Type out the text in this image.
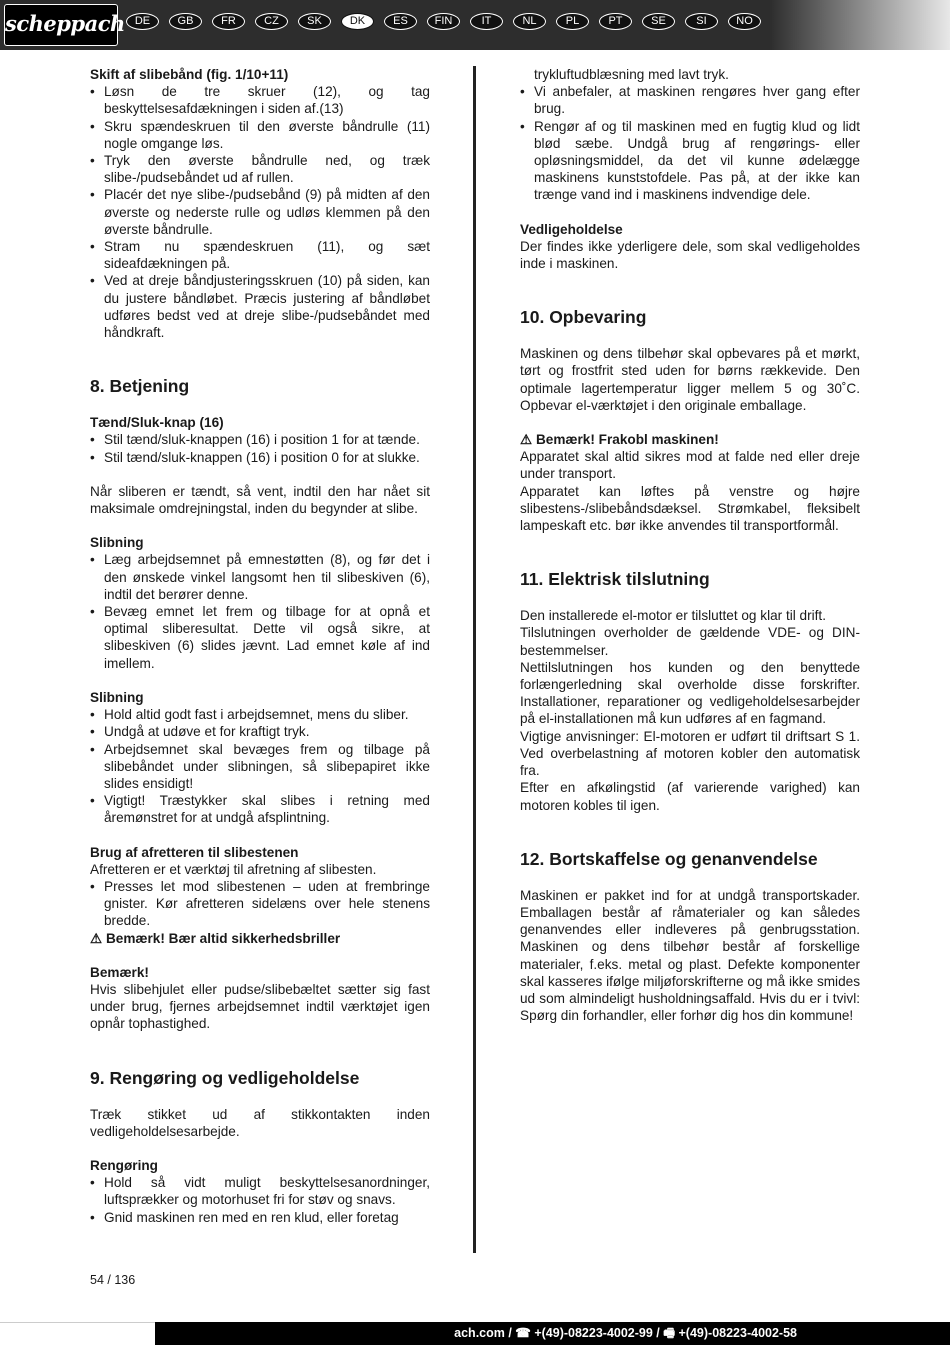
scheppach DE	GB	FR	CZ	SK	DK	ES	FIN	IT	NL	PL	PT	SE	SI	NO

Skift af slibebånd (fig. 1/10+11)

• Løsn de tre skruer (12), og tag beskyttelsesafdækningen i siden af.(13)
• Skru spændeskruen til den øverste båndrulle (11) nogle omgange løs.
• Tryk den øverste båndrulle ned, og træk slibe-/pudsebåndet ud af rullen.
• Placér det nye slibe-/pudsebånd (9) på midten af den øverste og nederste rulle og udløs klemmen på den øverste båndrulle.
• Stram nu spændeskruen (11), og sæt sideafdækningen på.
• Ved at dreje båndjusteringsskruen (10) på siden, kan du justere båndløbet. Præcis justering af båndløbet udføres bedst ved at dreje slibe-/pudsebåndet med håndkraft.
8. Betjening

Tænd/Sluk-knap (16)

• Stil tænd/sluk-knappen (16) i position 1 for at tænde.
• Stil tænd/sluk-knappen (16) i position 0 for at slukke.

Når sliberen er tændt, så vent, indtil den har nået sit maksimale omdrejningstal, inden du begynder at slibe.

Slibning

• Læg arbejdsemnet på emnestøtten (8), og før det i den ønskede vinkel langsomt hen til slibeskiven (6), indtil det berører denne.
• Bevæg emnet let frem og tilbage for at opnå et optimal sliberesultat. Dette vil også sikre, at slibeskiven (6) slides jævnt. Lad emnet køle af ind imellem.

Slibning

• Hold altid godt fast i arbejdsemnet, mens du sliber.
• Undgå at udøve et for kraftigt tryk.
• Arbejdsemnet skal bevæges frem og tilbage på slibebåndet under slibningen, så slibepapiret ikke slides ensidigt!
• Vigtigt! Træstykker skal slibes i retning med åremønstret for at undgå afsplintning.

Brug af afretteren til slibestenen

Afretteren er et værktøj til afretning af slibesten.

• Presses let mod slibestenen – uden at frembringe gnister. Kør afretteren sidelæns over hele stenens bredde.

⚠ Bemærk! Bær altid sikkerhedsbriller

Bemærk!

Hvis slibehjulet eller pudse/slibebæltet sætter sig fast under brug, fjernes arbejdsemnet indtil værktøjet igen opnår tophastighed.

9. Rengøring og vedligeholdelse

Træk stikket ud af stikkontakten inden vedligeholdelsesarbejde.

Rengøring

• Hold så vidt muligt beskyttelsesanordninger, luftsprækker og motorhuset fri for støv og snavs.
• Gnid maskinen ren med en ren klud, eller foretag

trykluftudblæsning med lavt tryk.

• Vi anbefaler, at maskinen rengøres hver gang efter brug.
• Rengør af og til maskinen med en fugtig klud og lidt blød sæbe. Undgå brug af rengørings- eller opløsningsmiddel, da det vil kunne ødelægge maskinens kunststofdele. Pas på, at der ikke kan trænge vand ind i maskinens indvendige dele.

Vedligeholdelse

Der findes ikke yderligere dele, som skal vedligeholdes inde i maskinen.

10. Opbevaring

Maskinen og dens tilbehør skal opbevares på et mørkt, tørt og frostfrit sted uden for børns rækkevide. Den optimale lagertemperatur ligger mellem 5 og 30˚C. Opbevar el-værktøjet i den originale emballage.

⚠ Bemærk! Frakobl maskinen!

Apparatet skal altid sikres mod at falde ned eller dreje under transport.

Apparatet kan løftes på venstre og højre slibestens-/slibebåndsdæksel. Strømkabel, fleksibelt lampeskaft etc. bør ikke anvendes til transportformål.

11. Elektrisk tilslutning

Den installerede el-motor er tilsluttet og klar til drift.

Tilslutningen overholder de gældende VDE- og DIN-bestemmelser.

Nettilslutningen hos kunden og den benyttede forlængerledning skal overholde disse forskrifter. Installationer, reparationer og vedligeholdelsesarbejder på el-installationen må kun udføres af en fagmand.

Vigtige anvisninger: El-motoren er udført til driftsart S 1. Ved overbelastning af motoren kobler den automatisk fra.

Efter en afkølingstid (af varierende varighed) kan motoren kobles til igen.

12. Bortskaffelse og genanvendelse

Maskinen er pakket ind for at undgå transportskader. Emballagen består af råmaterialer og kan således genanvendes eller indleveres på genbrugsstation. Maskinen og dens tilbehør består af forskellige materialer, f.eks. metal og plast. Defekte komponenter skal kasseres ifølge miljøforskrifterne og må ikke smides ud som almindeligt husholdningsaffald. Hvis du er i tvivl: Spørg din forhandler, eller forhør dig hos din kommune!

54 / 136
ach.com / ☎ +(49)-08223-4002-99 / 🖷 +(49)-08223-4002-58
